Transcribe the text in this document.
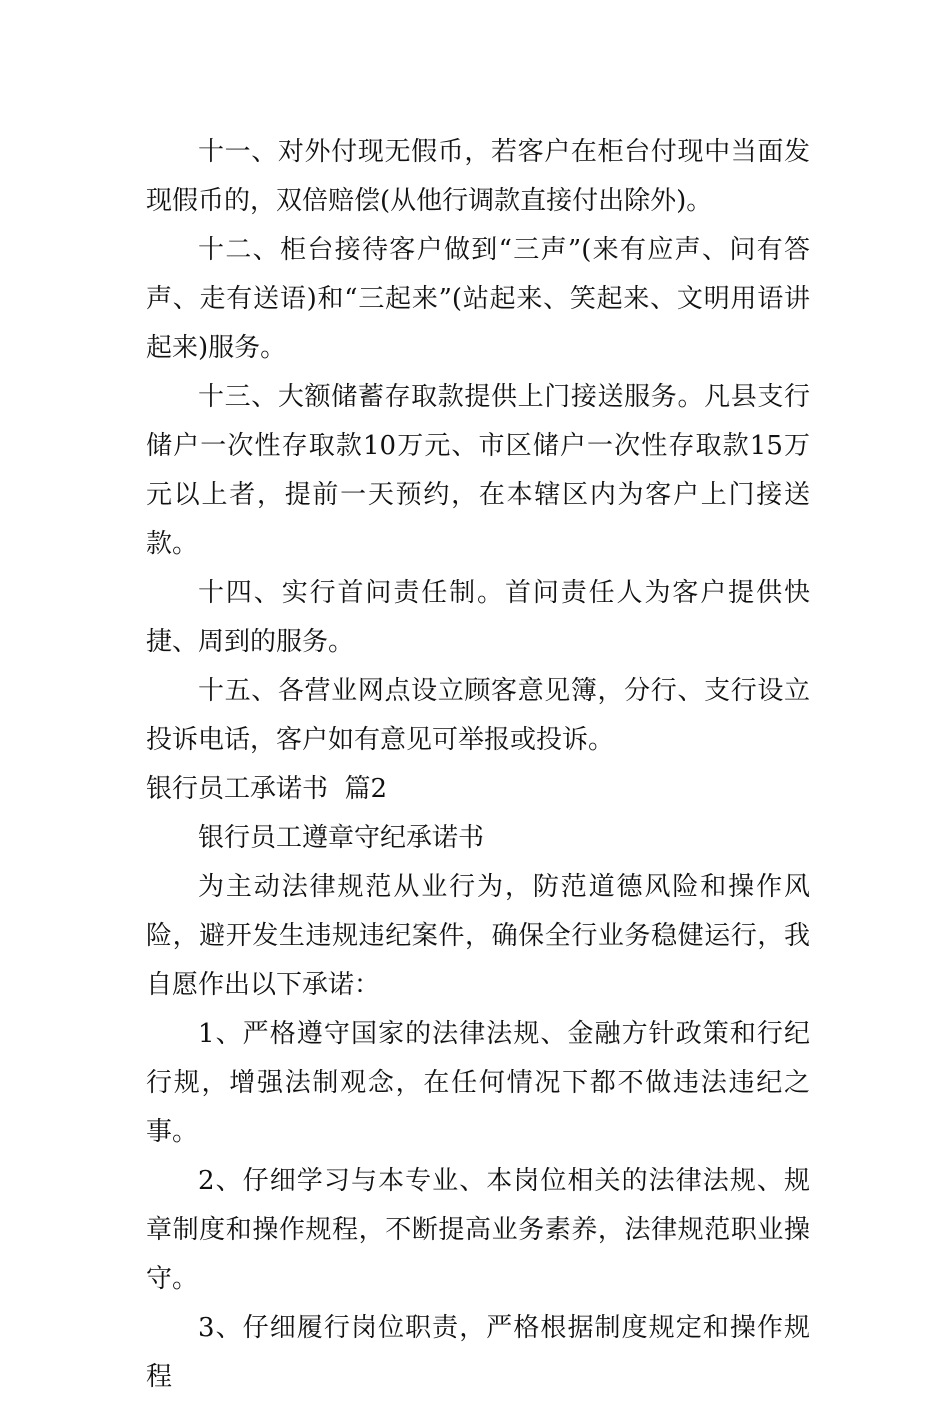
十一、对外付现无假币，若客户在柜台付现中当面发现假币的，双倍赔偿(从他行调款直接付出除外)。

十二、柜台接待客户做到“三声”(来有应声、问有答声、走有送语)和“三起来”(站起来、笑起来、文明用语讲起来)服务。

十三、大额储蓄存取款提供上门接送服务。凡县支行储户一次性存取款10万元、市区储户一次性存取款15万元以上者，提前一天预约，在本辖区内为客户上门接送款。

十四、实行首问责任制。首问责任人为客户提供快捷、周到的服务。

十五、各营业网点设立顾客意见簿，分行、支行设立投诉电话，客户如有意见可举报或投诉。

银行员工承诺书  篇2

银行员工遵章守纪承诺书

为主动法律规范从业行为，防范道德风险和操作风险，避开发生违规违纪案件，确保全行业务稳健运行，我自愿作出以下承诺：

1、严格遵守国家的法律法规、金融方针政策和行纪行规，增强法制观念，在任何情况下都不做违法违纪之事。

2、仔细学习与本专业、本岗位相关的法律法规、规章制度和操作规程，不断提高业务素养，法律规范职业操守。

3、仔细履行岗位职责，严格根据制度规定和操作规程
